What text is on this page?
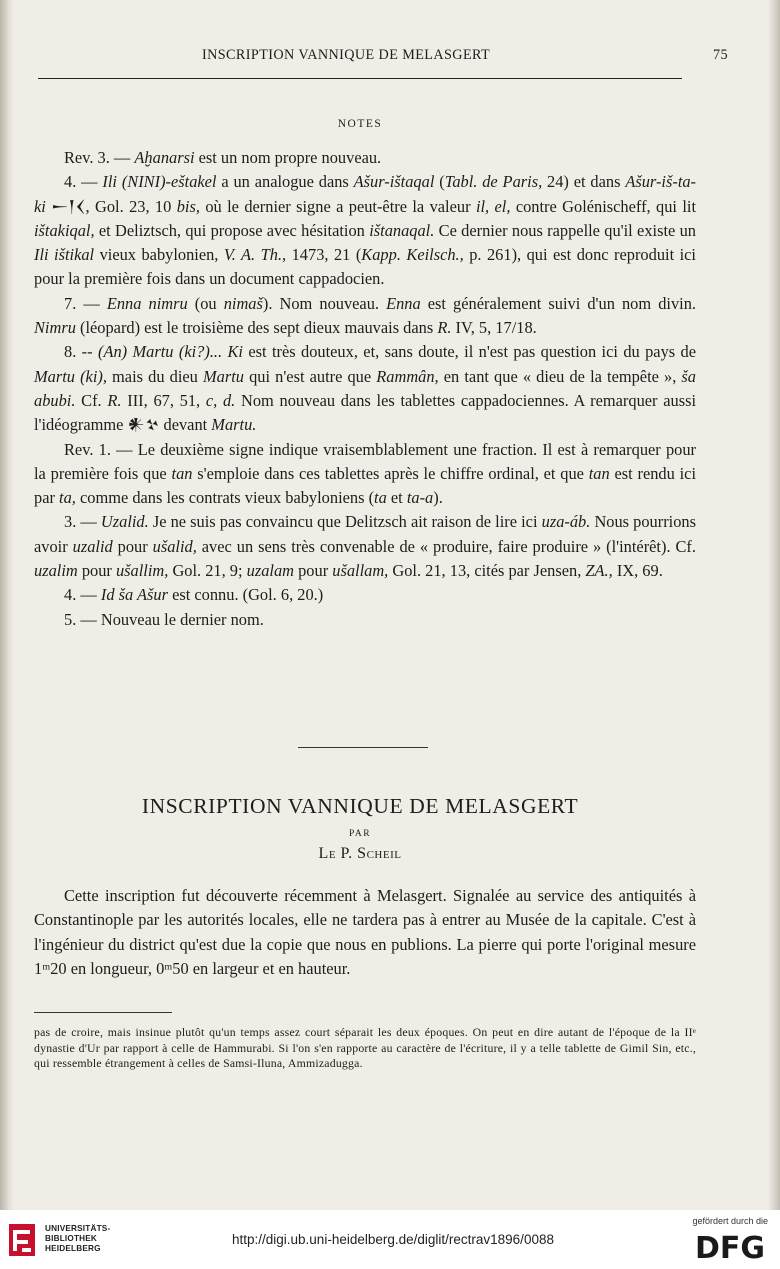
INSCRIPTION VANNIQUE DE MELASGERT	75
NOTES

Rev. 3. — Aḫanarsi est un nom propre nouveau.

4. — Ili (NINI)-eštakel a un analogue dans Ašur-ištaqal (Tabl. de Paris, 24) et dans Ašur-iš-ta-ki 𒀸𒁹𒌋, Gol. 23, 10 bis, où le dernier signe a peut-être la valeur il, el, contre Golénischeff, qui lit ištakiqal, et Deliztsch, qui propose avec hésitation ištanaqal. Ce dernier nous rappelle qu'il existe un Ili ištikal vieux babylonien, V. A. Th., 1473, 21 (Kapp. Keilsch., p. 261), qui est donc reproduit ici pour la première fois dans un document cappadocien.

7. — Enna nimru (ou nimaš). Nom nouveau. Enna est généralement suivi d'un nom divin. Nimru (léopard) est le troisième des sept dieux mauvais dans R. IV, 5, 17/18.

8. -- (An) Martu (ki?)... Ki est très douteux, et, sans doute, il n'est pas question ici du pays de Martu (ki), mais du dieu Martu qui n'est autre que Rammân, en tant que « dieu de la tempête », ša abubi. Cf. R. III, 67, 51, c, d. Nom nouveau dans les tablettes cappadociennes. A remarquer aussi l'idéogramme 𒀭𒆳 devant Martu.

Rev. 1. — Le deuxième signe indique vraisemblablement une fraction. Il est à remarquer pour la première fois que tan s'emploie dans ces tablettes après le chiffre ordinal, et que tan est rendu ici par ta, comme dans les contrats vieux babyloniens (ta et ta-a).

3. — Uzalid. Je ne suis pas convaincu que Delitzsch ait raison de lire ici uza-áb. Nous pourrions avoir uzalid pour ušalid, avec un sens très convenable de « produire, faire produire » (l'intérêt). Cf. uzalim pour ušallim, Gol. 21, 9; uzalam pour ušallam, Gol. 21, 13, cités par Jensen, ZA., IX, 69.

4. — Id ša Ašur est connu. (Gol. 6, 20.)

5. — Nouveau le dernier nom.

INSCRIPTION VANNIQUE DE MELASGERT
PAR
Le P. Scheil

Cette inscription fut découverte récemment à Melasgert. Signalée au service des antiquités à Constantinople par les autorités locales, elle ne tardera pas à entrer au Musée de la capitale. C'est à l'ingénieur du district qu'est due la copie que nous en publions. La pierre qui porte l'original mesure 1ᵐ20 en longueur, 0ᵐ50 en largeur et en hauteur.

pas de croire, mais insinue plutôt qu'un temps assez court séparait les deux époques. On peut en dire autant de l'époque de la IIᵉ dynastie d'Ur par rapport à celle de Hammurabi. Si l'on s'en rapporte au caractère de l'écriture, il y a telle tablette de Gimil Sin, etc., qui ressemble étrangement à celles de Samsi-Iluna, Ammizadugga.
UNIVERSITÄTS-
BIBLIOTHEK
HEIDELBERG
http://digi.ub.uni-heidelberg.de/diglit/rectrav1896/0088
gefördert durch die
DFG
